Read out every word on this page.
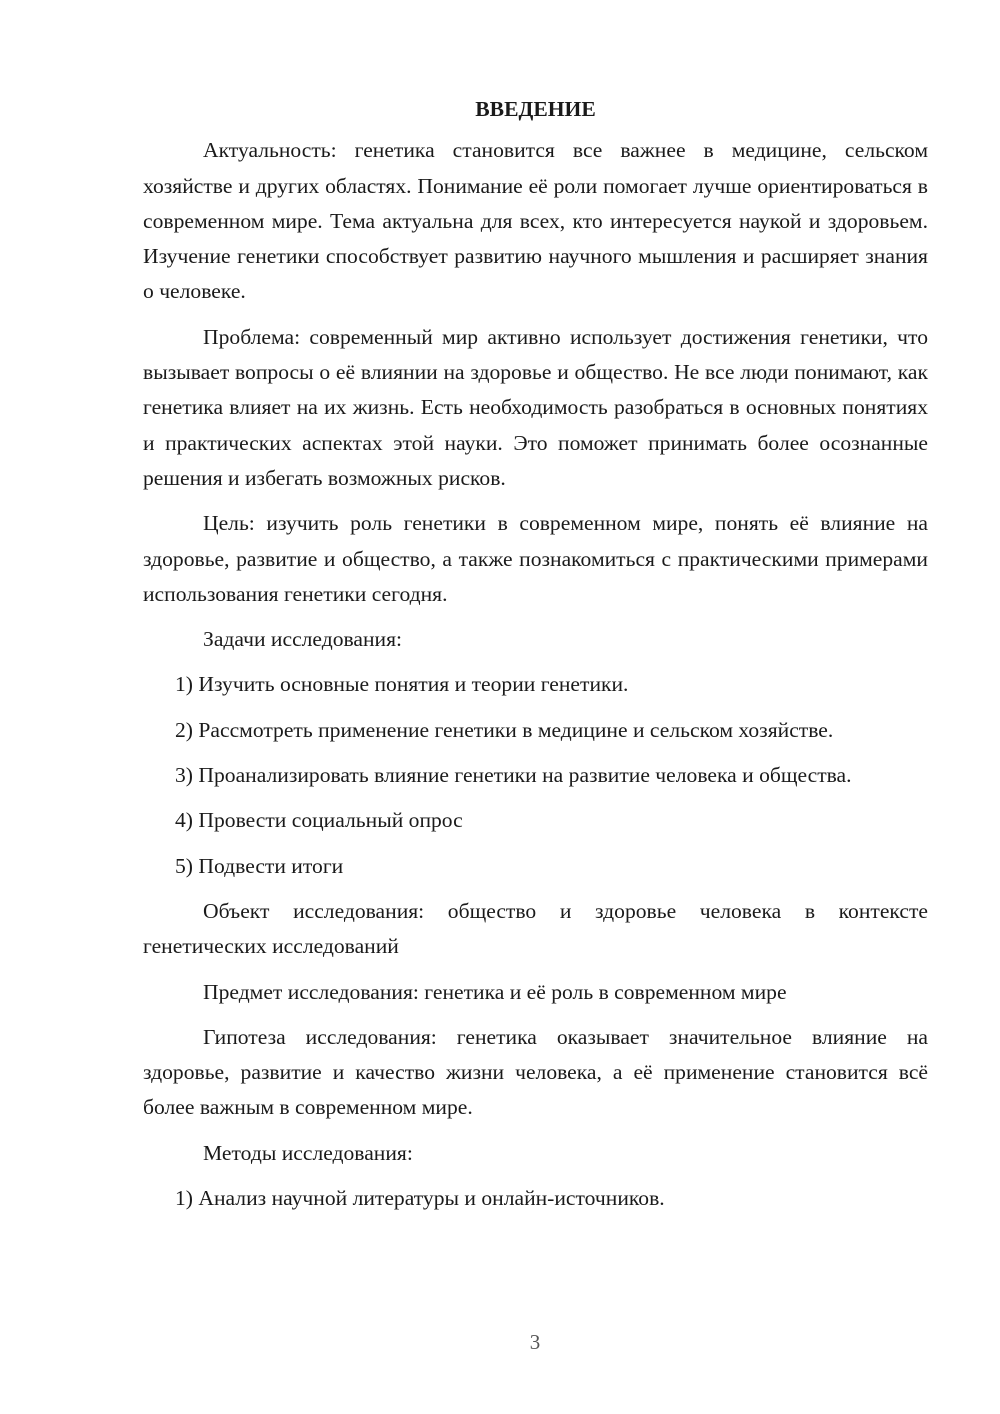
ВВЕДЕНИЕ

Актуальность: генетика становится все важнее в медицине, сельском хозяйстве и других областях. Понимание её роли помогает лучше ориентироваться в современном мире. Тема актуальна для всех, кто интересуется наукой и здоровьем. Изучение генетики способствует развитию научного мышления и расширяет знания о человеке.

Проблема: современный мир активно использует достижения генетики, что вызывает вопросы о её влиянии на здоровье и общество. Не все люди понимают, как генетика влияет на их жизнь. Есть необходимость разобраться в основных понятиях и практических аспектах этой науки. Это поможет принимать более осознанные решения и избегать возможных рисков.

Цель: изучить роль генетики в современном мире, понять её влияние на здоровье, развитие и общество, а также познакомиться с практическими примерами использования генетики сегодня.

Задачи исследования:

1) Изучить основные понятия и теории генетики.

2) Рассмотреть применение генетики в медицине и сельском хозяйстве.

3) Проанализировать влияние генетики на развитие человека и общества.

4) Провести социальный опрос

5) Подвести итоги

Объект исследования: общество и здоровье человека в контексте генетических исследований

Предмет исследования: генетика и её роль в современном мире

Гипотеза исследования: генетика оказывает значительное влияние на здоровье, развитие и качество жизни человека, а её применение становится всё более важным в современном мире.

Методы исследования:

1) Анализ научной литературы и онлайн-источников.

3
